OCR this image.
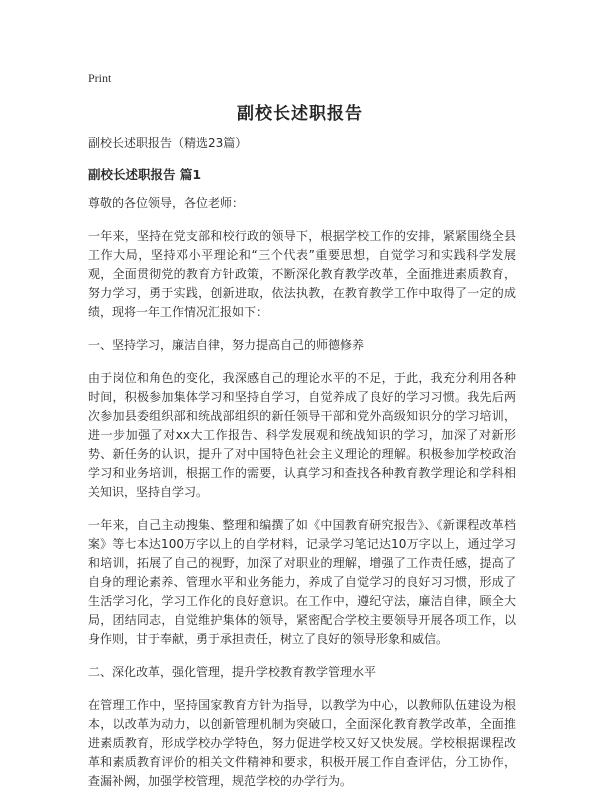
Print
副校长述职报告

副校长述职报告（精选23篇）

副校长述职报告 篇1

尊敬的各位领导，各位老师：

一年来，坚持在党支部和校行政的领导下，根据学校工作的安排，紧紧围绕全县工作大局，坚持邓小平理论和“三个代表”重要思想，自觉学习和实践科学发展观，全面贯彻党的教育方针政策，不断深化教育教学改革，全面推进素质教育，努力学习，勇于实践，创新进取，依法执教，在教育教学工作中取得了一定的成绩，现将一年工作情况汇报如下：

一、坚持学习，廉洁自律，努力提高自己的师德修养

由于岗位和角色的变化，我深感自己的理论水平的不足，于此，我充分利用各种时间，积极参加集体学习和坚持自学习，自觉养成了良好的学习习惯。我先后两次参加县委组织部和统战部组织的新任领导干部和党外高级知识分的学习培训，进一步加强了对xx大工作报告、科学发展观和统战知识的学习，加深了对新形势、新任务的认识，提升了对中国特色社会主义理论的理解。积极参加学校政治学习和业务培训，根据工作的需要，认真学习和查找各种教育教学理论和学科相关知识，坚持自学习。

一年来，自己主动搜集、整理和编撰了如《中国教育研究报告》、《新课程改革档案》等七本达100万字以上的自学材料，记录学习笔记达10万字以上，通过学习和培训，拓展了自己的视野，加深了对职业的理解，增强了工作责任感，提高了自身的理论素养、管理水平和业务能力，养成了自觉学习的良好习习惯，形成了生活学习化，学习工作化的良好意识。在工作中，遵纪守法，廉洁自律，顾全大局，团结同志，自觉维护集体的领导，紧密配合学校主要领导开展各项工作，以身作则，甘于奉献，勇于承担责任，树立了良好的领导形象和威信。

二、深化改革，强化管理，提升学校教育教学管理水平

在管理工作中，坚持国家教育方针为指导，以教学为中心，以教师队伍建设为根本，以改革为动力，以创新管理机制为突破口，全面深化教育教学改革，全面推进素质教育，形成学校办学特色，努力促进学校又好又快发展。学校根据课程改革和素质教育评价的相关文件精神和要求，积极开展工作自查评估，分工协作，查漏补阙，加强学校管理，规范学校的办学行为。
